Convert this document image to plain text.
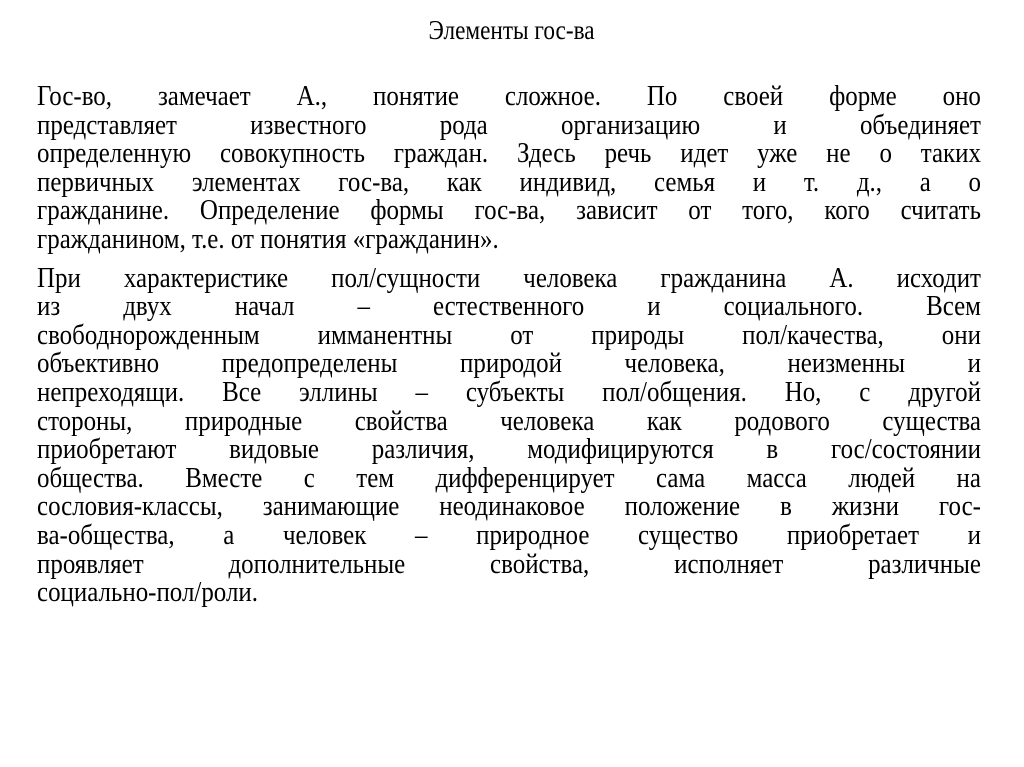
Элементы гос-ва
Гос-во, замечает А., понятие сложное. По своей форме оно
представляет	известного	рода	организацию	и	объединяет
определенную совокупность граждан. Здесь речь идет уже не о таких
первичных элементах гос-ва, как индивид, семья и т. д., а о
гражданине. Определение формы гос-ва, зависит от того, кого считать
гражданином, т.е. от понятия «гражданин».
При характеристике пол/сущности человека гражданина А. исходит
из двух начал – естественного и социального. Всем
свободнорожденным имманентны от природы пол/качества, они
объективно предопределены природой человека, неизменны и
непреходящи. Все эллины – субъекты пол/общения. Но, с другой
стороны, природные свойства человека как родового существа
приобретают видовые различия, модифицируются в гос/состоянии
общества. Вместе с тем дифференцирует сама масса людей на
сословия-классы, занимающие неодинаковое положение в жизни гос-
ва-общества, а человек – природное существо приобретает и
проявляет	дополнительные	свойства,	исполняет	различные
социально-пол/роли.
